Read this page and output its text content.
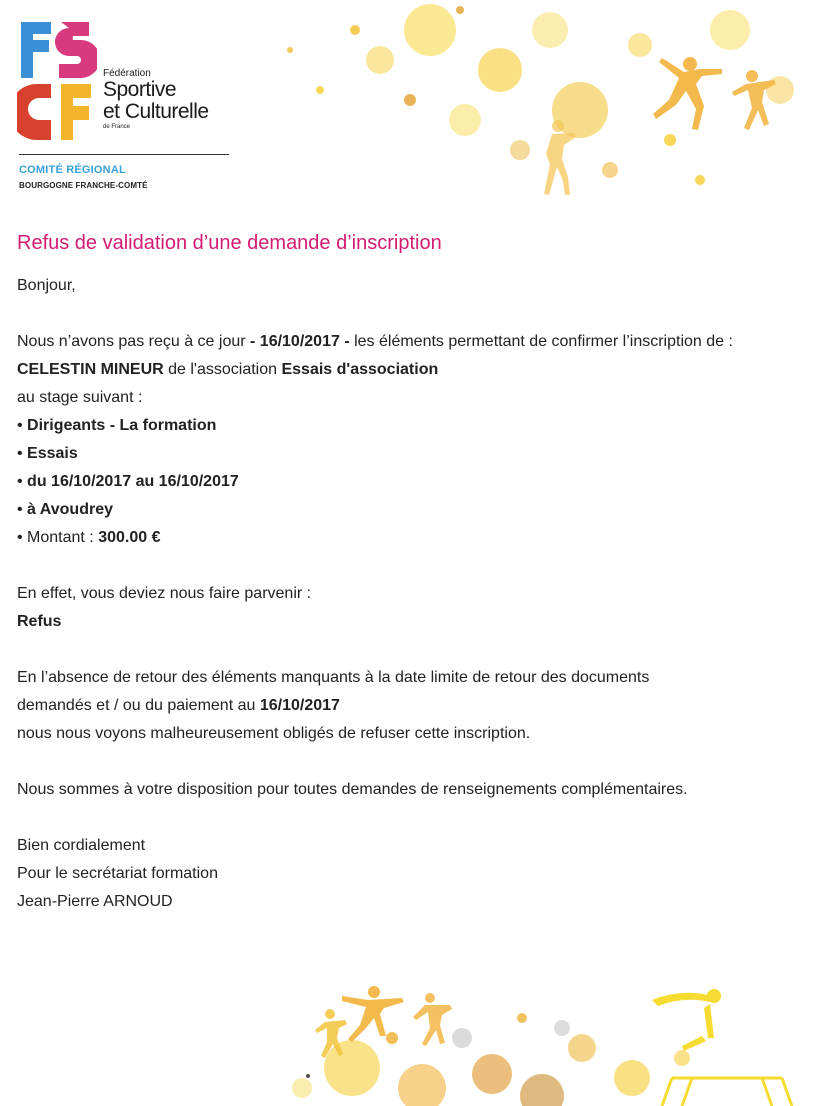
Fédération
Sportive
et Culturelle
de France
COMITÉ RÉGIONAL
BOURGOGNE FRANCHE-COMTÉ
Refus de validation d’une demande d’inscription
Bonjour,
Nous n’avons pas reçu à ce jour - 16/10/2017 - les éléments permettant de confirmer l’inscription de :
CELESTIN MINEUR de l'association Essais d'association
au stage suivant :
• Dirigeants - La formation
• Essais
• du 16/10/2017 au 16/10/2017
• à Avoudrey
• Montant : 300.00 €
En effet, vous deviez nous faire parvenir :
Refus
En l’absence de retour des éléments manquants à la date limite de retour des documents
demandés et / ou du paiement au 16/10/2017
nous nous voyons malheureusement obligés de refuser cette inscription.
Nous sommes à votre disposition pour toutes demandes de renseignements complémentaires.
Bien cordialement
Pour le secrétariat formation
Jean-Pierre ARNOUD
